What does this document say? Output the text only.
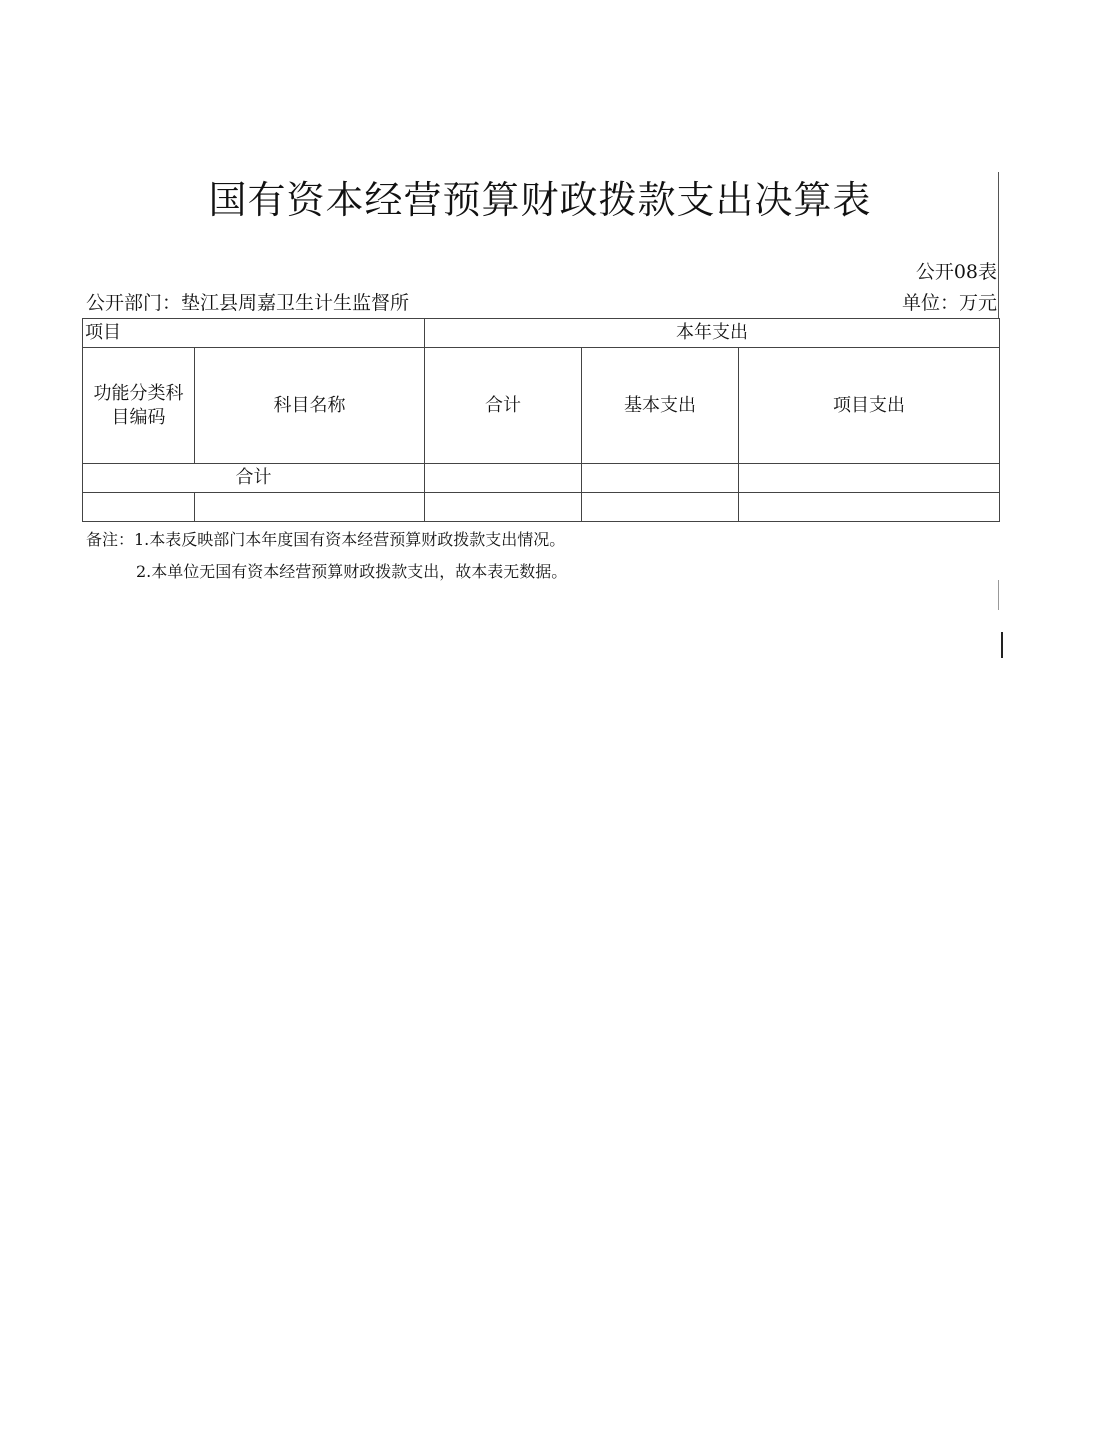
国有资本经营预算财政拨款支出决算表
公开08表
公开部门：垫江县周嘉卫生计生监督所	单位：万元
项目		本年支出		
功能分类科目编码	科目名称	合计	基本支出	项目支出
合计				

备注：1.本表反映部门本年度国有资本经营预算财政拨款支出情况。
2.本单位无国有资本经营预算财政拨款支出，故本表无数据。
